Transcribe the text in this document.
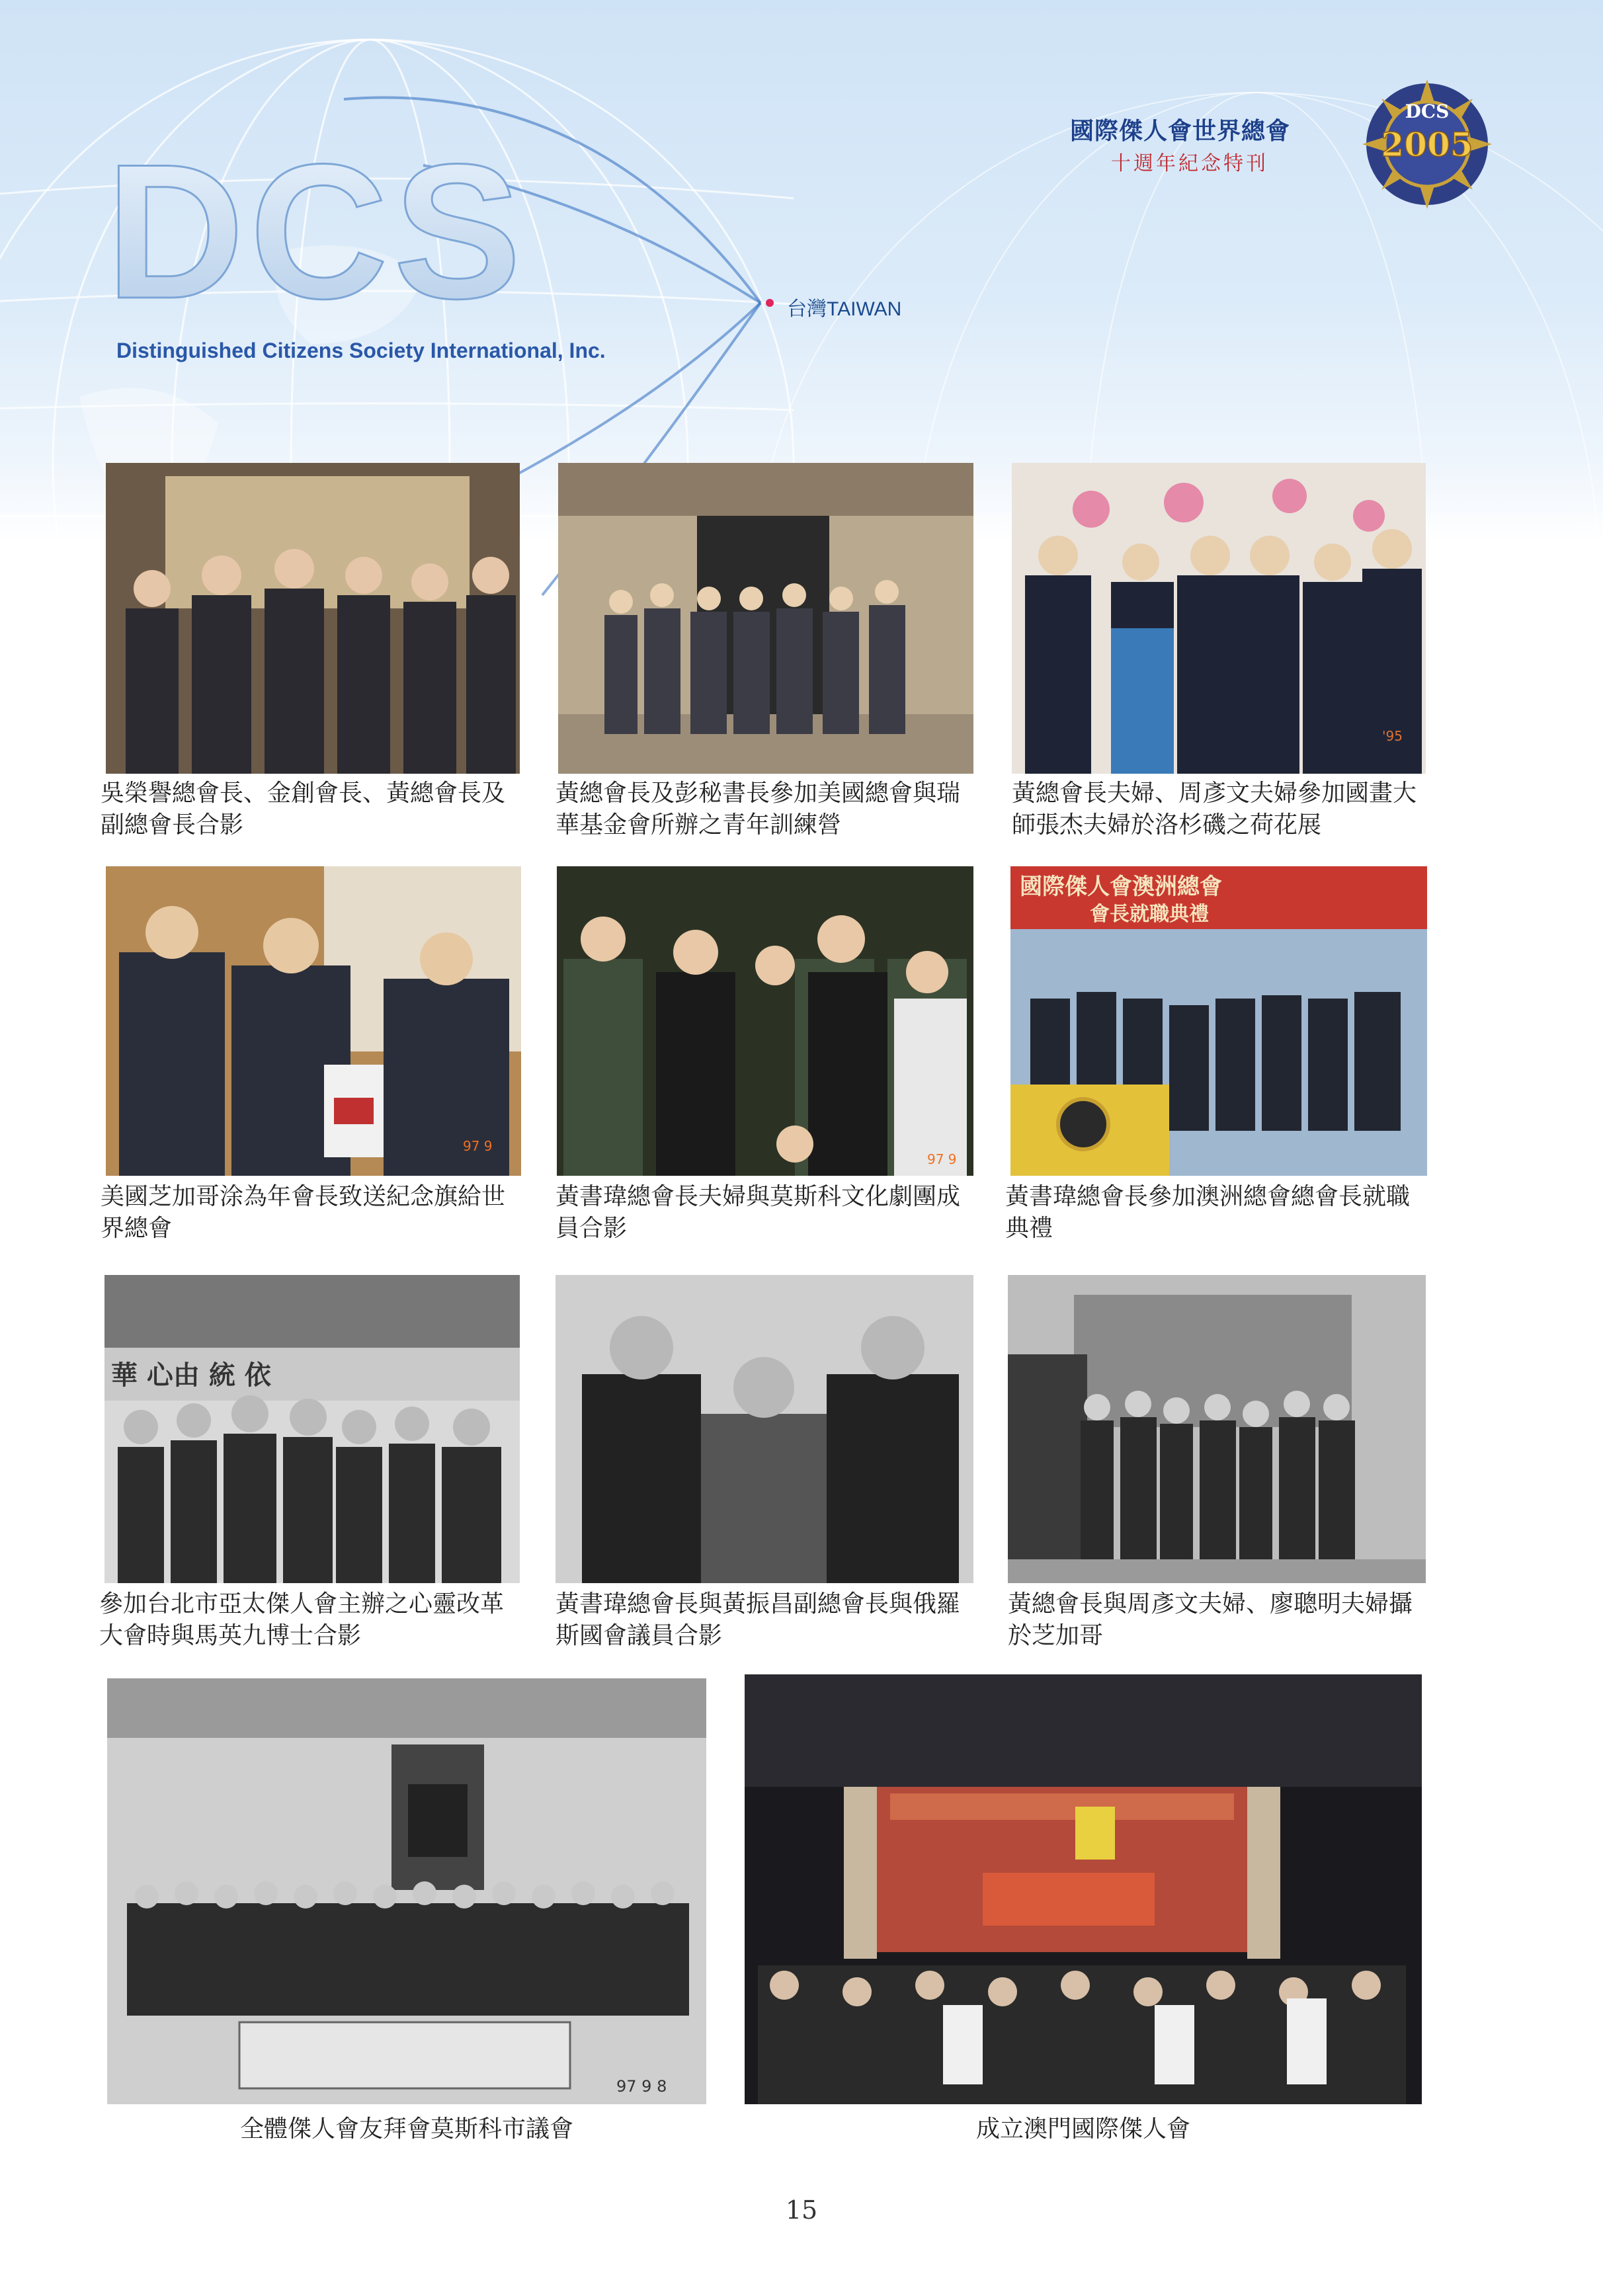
DCS
Distinguished Citizens Society International, Inc.
台灣TAIWAN
國際傑人會世界總會
十週年紀念特刊
DCS
2005
吳榮譽總會長、金創會長、黃總會長及副總會長合影
黃總會長及彭秘書長參加美國總會與瑞華基金會所辦之青年訓練營
'95
黃總會長夫婦、周彥文夫婦參加國畫大師張杰夫婦於洛杉磯之荷花展
97 9
美國芝加哥涂為年會長致送紀念旗給世界總會
97 9
黃書瑋總會長夫婦與莫斯科文化劇團成員合影
國際傑人會澳洲總會
會長就職典禮
黃書瑋總會長參加澳洲總會總會長就職典禮
華 心由 統 依
參加台北市亞太傑人會主辦之心靈改革大會時與馬英九博士合影
黃書瑋總會長與黃振昌副總會長與俄羅斯國會議員合影
黃總會長與周彥文夫婦、廖聰明夫婦攝於芝加哥
97 9 8
全體傑人會友拜會莫斯科市議會	成立澳門國際傑人會
15
